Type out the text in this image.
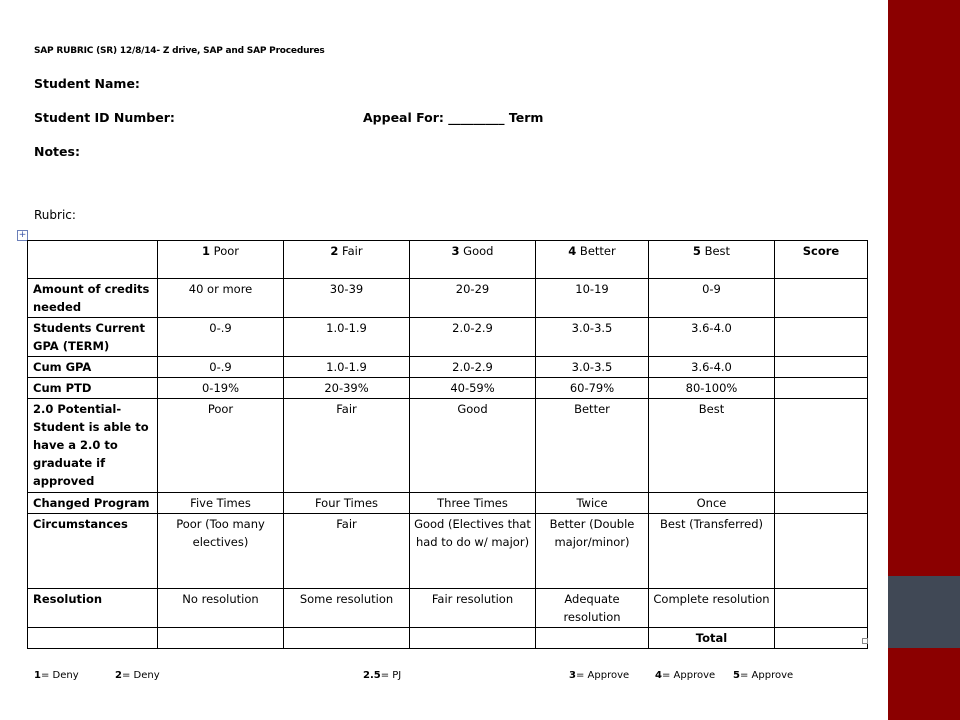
SAP RUBRIC (SR) 12/8/14- Z drive, SAP and SAP Procedures
Student Name:
Student ID Number:	Appeal For: _________ Term
Notes:
Rubric:
+
	1 Poor	2 Fair	3 Good	4 Better	5 Best	Score
Amount of credits needed	40 or more	30-39	20-29	10-19	0-9	
Students Current GPA (TERM)	0-.9	1.0-1.9	2.0-2.9	3.0-3.5	3.6-4.0	
Cum GPA	0-.9	1.0-1.9	2.0-2.9	3.0-3.5	3.6-4.0	
Cum PTD	0-19%	20-39%	40-59%	60-79%	80-100%	
2.0 Potential- Student is able to have a 2.0 to graduate if approved	Poor	Fair	Good	Better	Best	
Changed Program	Five Times	Four Times	Three Times	Twice	Once	
Circumstances	Poor (Too many electives)	Fair	Good (Electives that had to do w/ major)	Better (Double major/minor)	Best (Transferred)	
Resolution	No resolution	Some resolution	Fair resolution	Adequate resolution	Complete resolution	
					Total	
1= Deny	2= Deny	2.5= PJ	3= Approve	4= Approve 5= Approve
